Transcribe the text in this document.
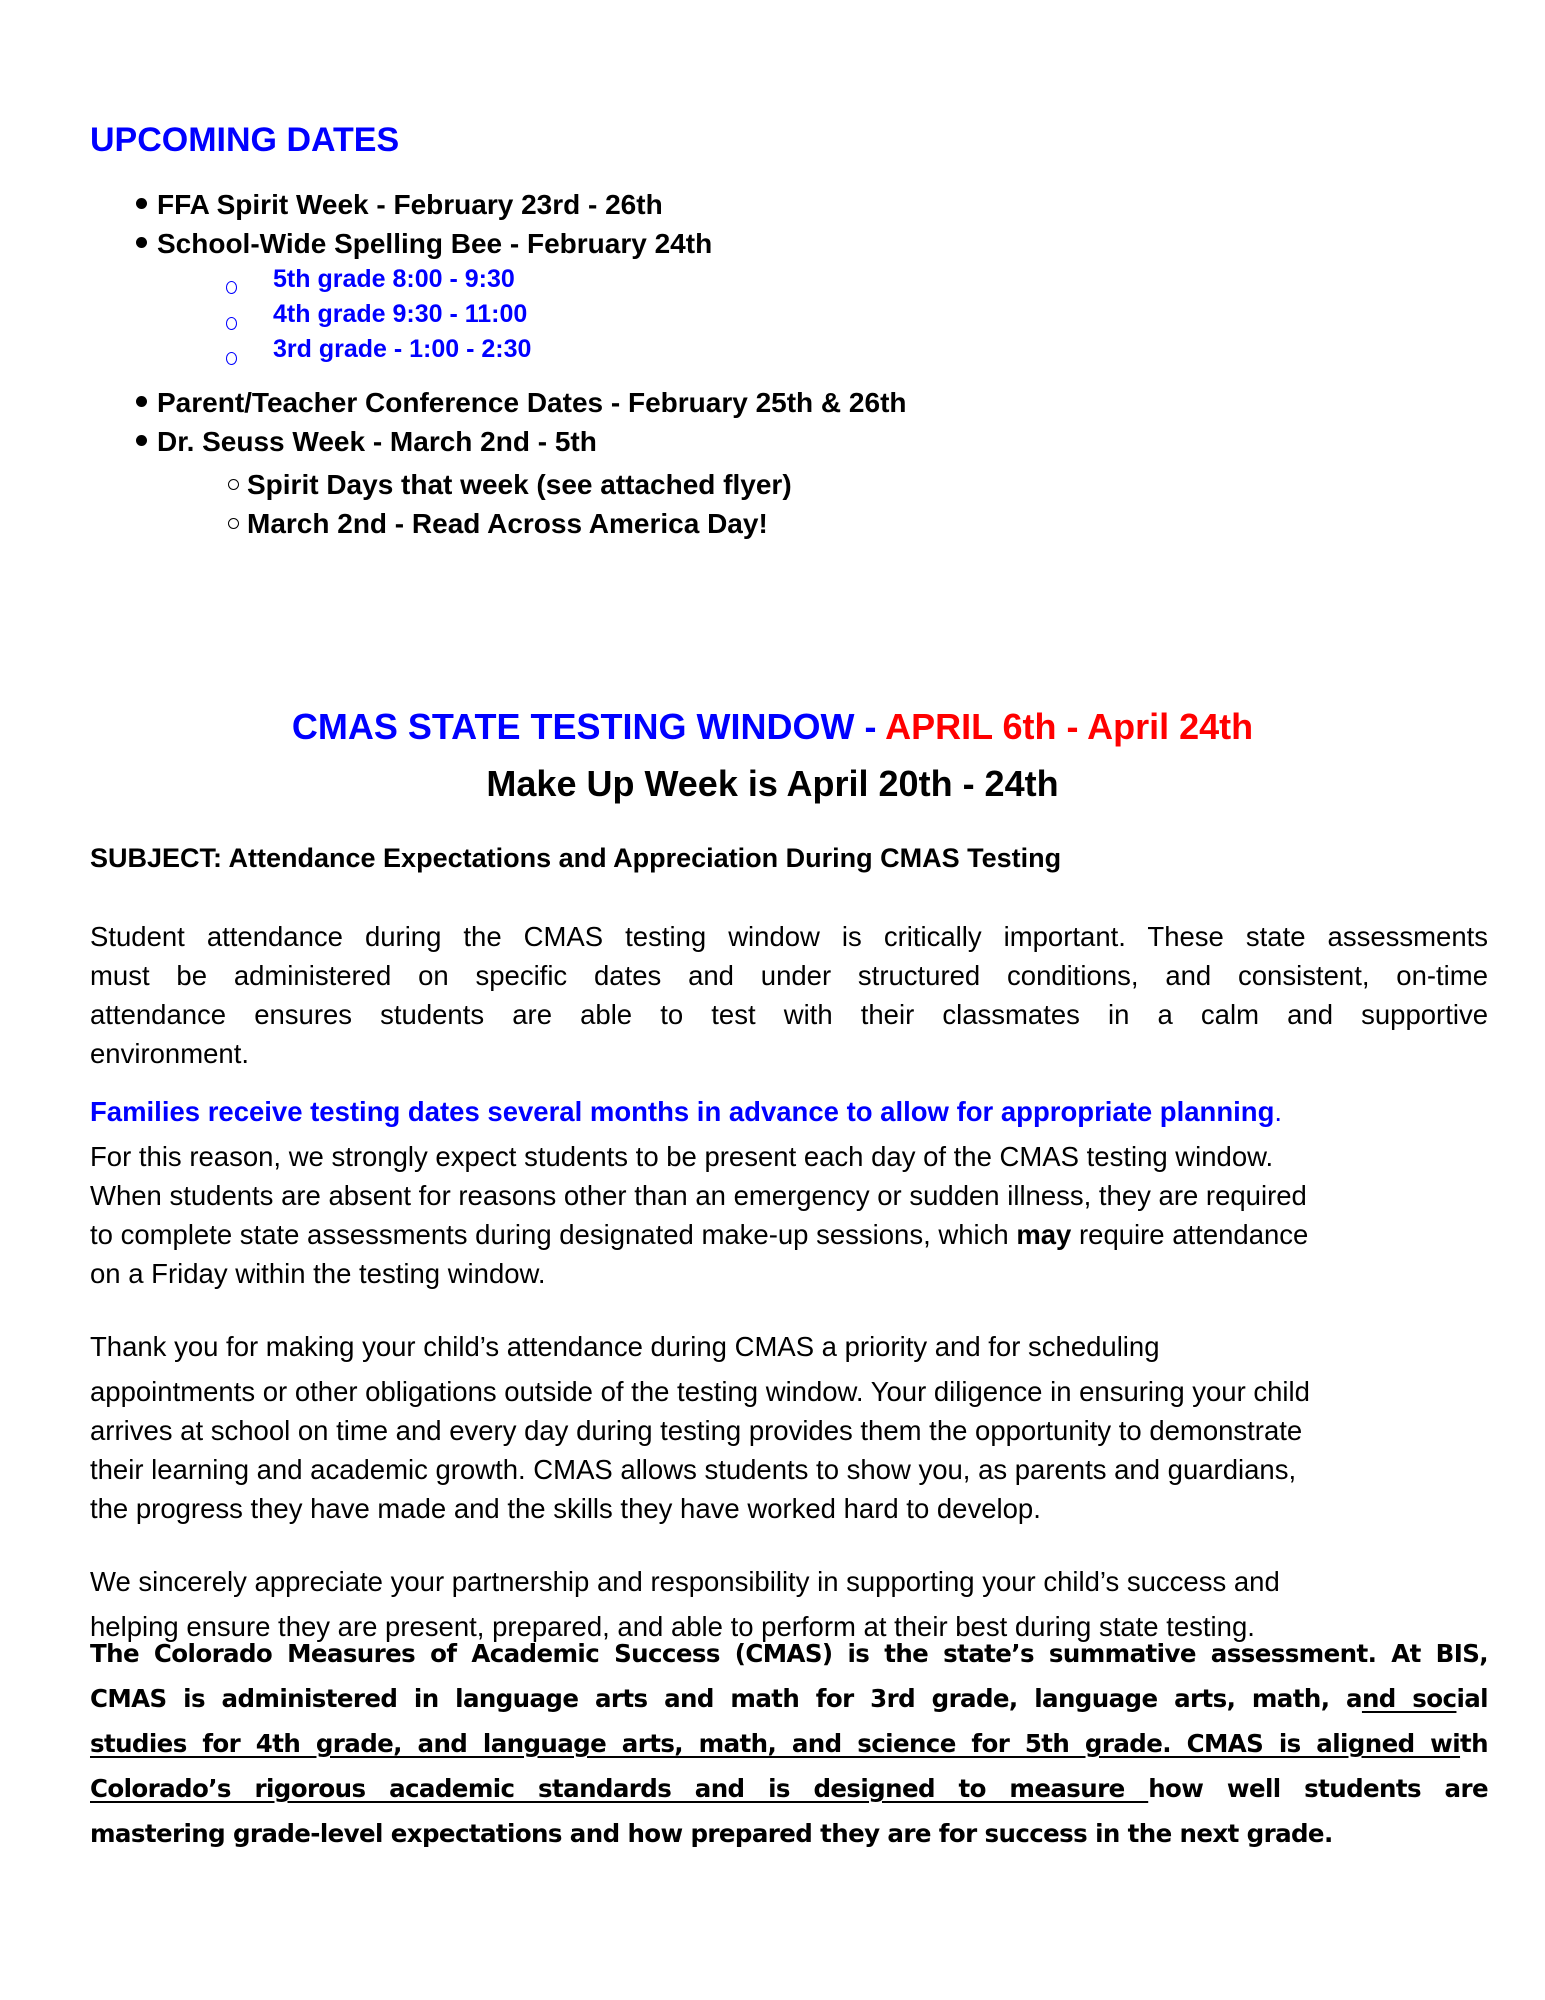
UPCOMING DATES
FFA Spirit Week - February 23rd - 26th
School-Wide Spelling Bee - February 24th
5th grade 8:00 - 9:30
4th grade 9:30 - 11:00
3rd grade - 1:00 - 2:30
Parent/Teacher Conference Dates - February 25th & 26th
Dr. Seuss Week - March 2nd - 5th
Spirit Days that week (see attached flyer)
March 2nd - Read Across America Day!
CMAS STATE TESTING WINDOW - APRIL 6th - April 24th
Make Up Week is April 20th - 24th
SUBJECT: Attendance Expectations and Appreciation During CMAS Testing
Student attendance during the CMAS testing window is critically important. These state assessments
must be administered on specific dates and under structured conditions, and consistent, on-time
attendance ensures students are able to test with their classmates in a calm and supportive
environment.
Families receive testing dates several months in advance to allow for appropriate planning.
For this reason, we strongly expect students to be present each day of the CMAS testing window.
When students are absent for reasons other than an emergency or sudden illness, they are required
to complete state assessments during designated make-up sessions, which may require attendance
on a Friday within the testing window.
Thank you for making your child’s attendance during CMAS a priority and for scheduling
appointments or other obligations outside of the testing window. Your diligence in ensuring your child
arrives at school on time and every day during testing provides them the opportunity to demonstrate
their learning and academic growth. CMAS allows students to show you, as parents and guardians,
the progress they have made and the skills they have worked hard to develop.
We sincerely appreciate your partnership and responsibility in supporting your child’s success and
helping ensure they are present, prepared, and able to perform at their best during state testing.
The Colorado Measures of Academic Success (CMAS) is the state’s summative assessment. At BIS,
CMAS is administered in language arts and math for 3rd grade, language arts, math, and social
studies for 4th grade, and language arts, math, and science for 5th grade. CMAS is aligned with
Colorado’s rigorous academic standards and is designed to measure how well students are
mastering grade-level expectations and how prepared they are for success in the next grade.
